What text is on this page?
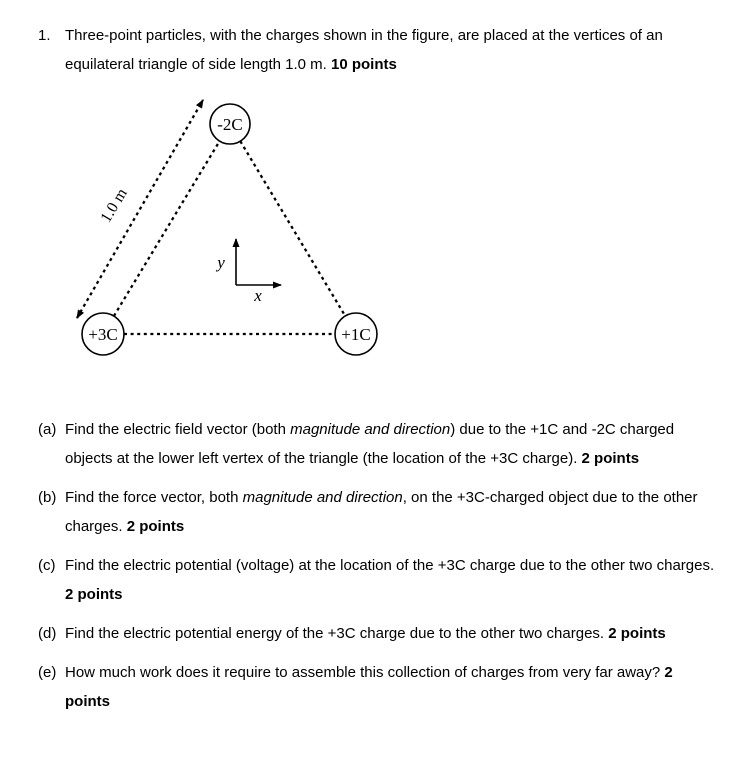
1. Three-point particles, with the charges shown in the figure, are placed at the vertices of an equilateral triangle of side length 1.0 m. 10 points
1.0 m
y
x
-2C
+3C	+1C
(a) Find the electric field vector (both magnitude and direction) due to the +1C and -2C charged objects at the lower left vertex of the triangle (the location of the +3C charge). 2 points
(b) Find the force vector, both magnitude and direction, on the +3C-charged object due to the other charges. 2 points
(c) Find the electric potential (voltage) at the location of the +3C charge due to the other two charges. 2 points
(d) Find the electric potential energy of the +3C charge due to the other two charges. 2 points
(e) How much work does it require to assemble this collection of charges from very far away? 2 points
